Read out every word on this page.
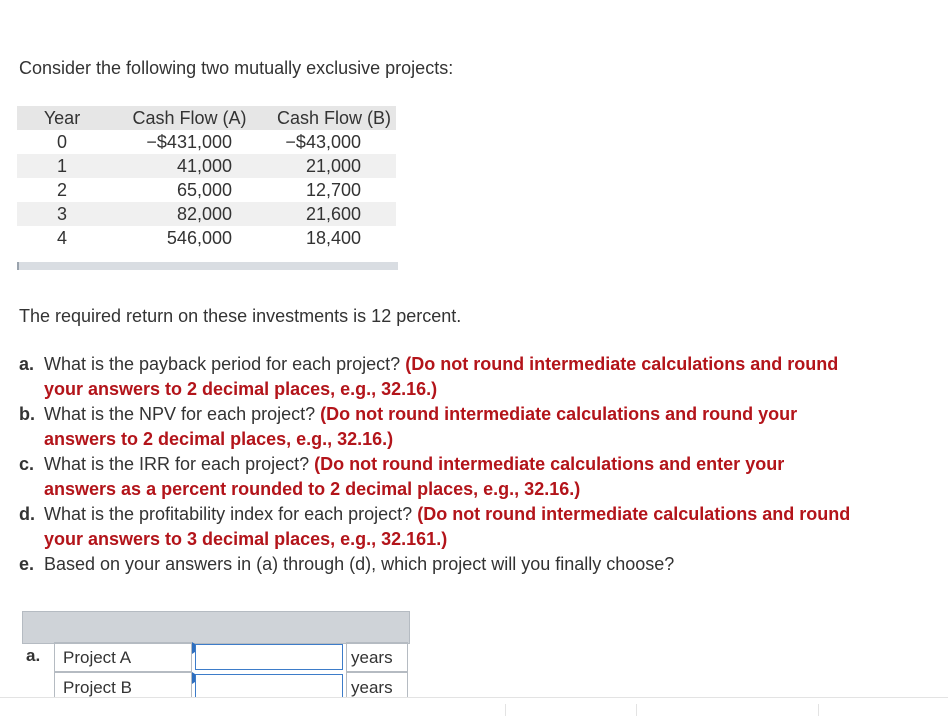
Consider the following two mutually exclusive projects:

Year	Cash Flow (A)	Cash Flow (B)
0	−$431,000	−$43,000
1	41,000	21,000
2	65,000	12,700
3	82,000	21,600
4	546,000	18,400

The required return on these investments is 12 percent.

a. What is the payback period for each project? (Do not round intermediate calculations and round your answers to 2 decimal places, e.g., 32.16.)
b. What is the NPV for each project? (Do not round intermediate calculations and round your answers to 2 decimal places, e.g., 32.16.)
c. What is the IRR for each project? (Do not round intermediate calculations and enter your answers as a percent rounded to 2 decimal places, e.g., 32.16.)
d. What is the profitability index for each project? (Do not round intermediate calculations and round your answers to 3 decimal places, e.g., 32.161.)
e. Based on your answers in (a) through (d), which project will you finally choose?
a.	Project A	years
Project B	years
